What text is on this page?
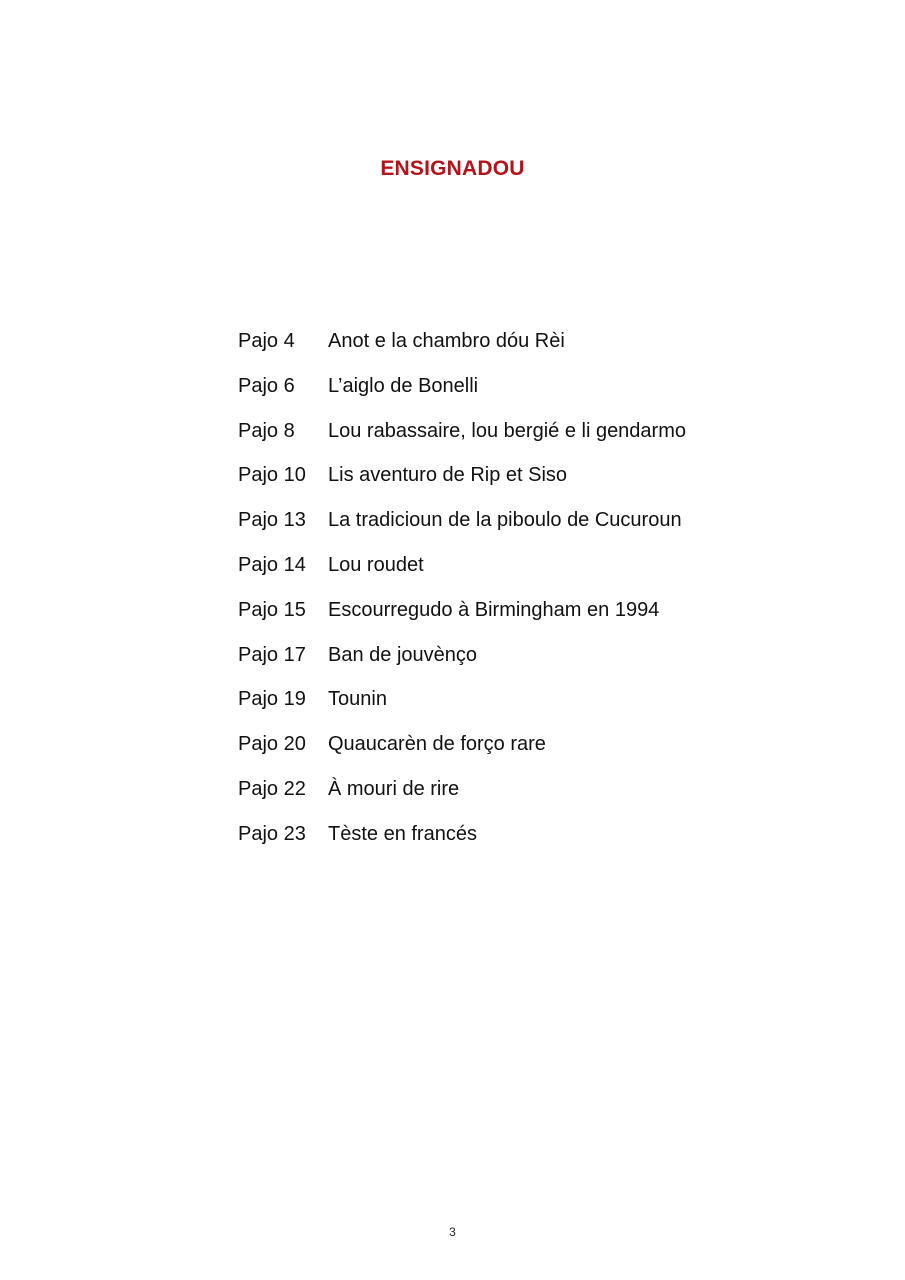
ENSIGNADOU
Pajo 4	Anot e la chambro dóu Rèi
Pajo 6	L’aiglo de Bonelli
Pajo 8	Lou rabassaire, lou bergié e li gendarmo
Pajo 10	Lis aventuro de Rip et Siso
Pajo 13	La tradicioun de la piboulo de Cucuroun
Pajo 14	Lou roudet
Pajo 15	Escourregudo à Birmingham en 1994
Pajo 17	Ban de jouvènço
Pajo 19	Tounin
Pajo 20	Quaucarèn de forço rare
Pajo 22	À mouri de rire
Pajo 23	Tèste en francés
3
